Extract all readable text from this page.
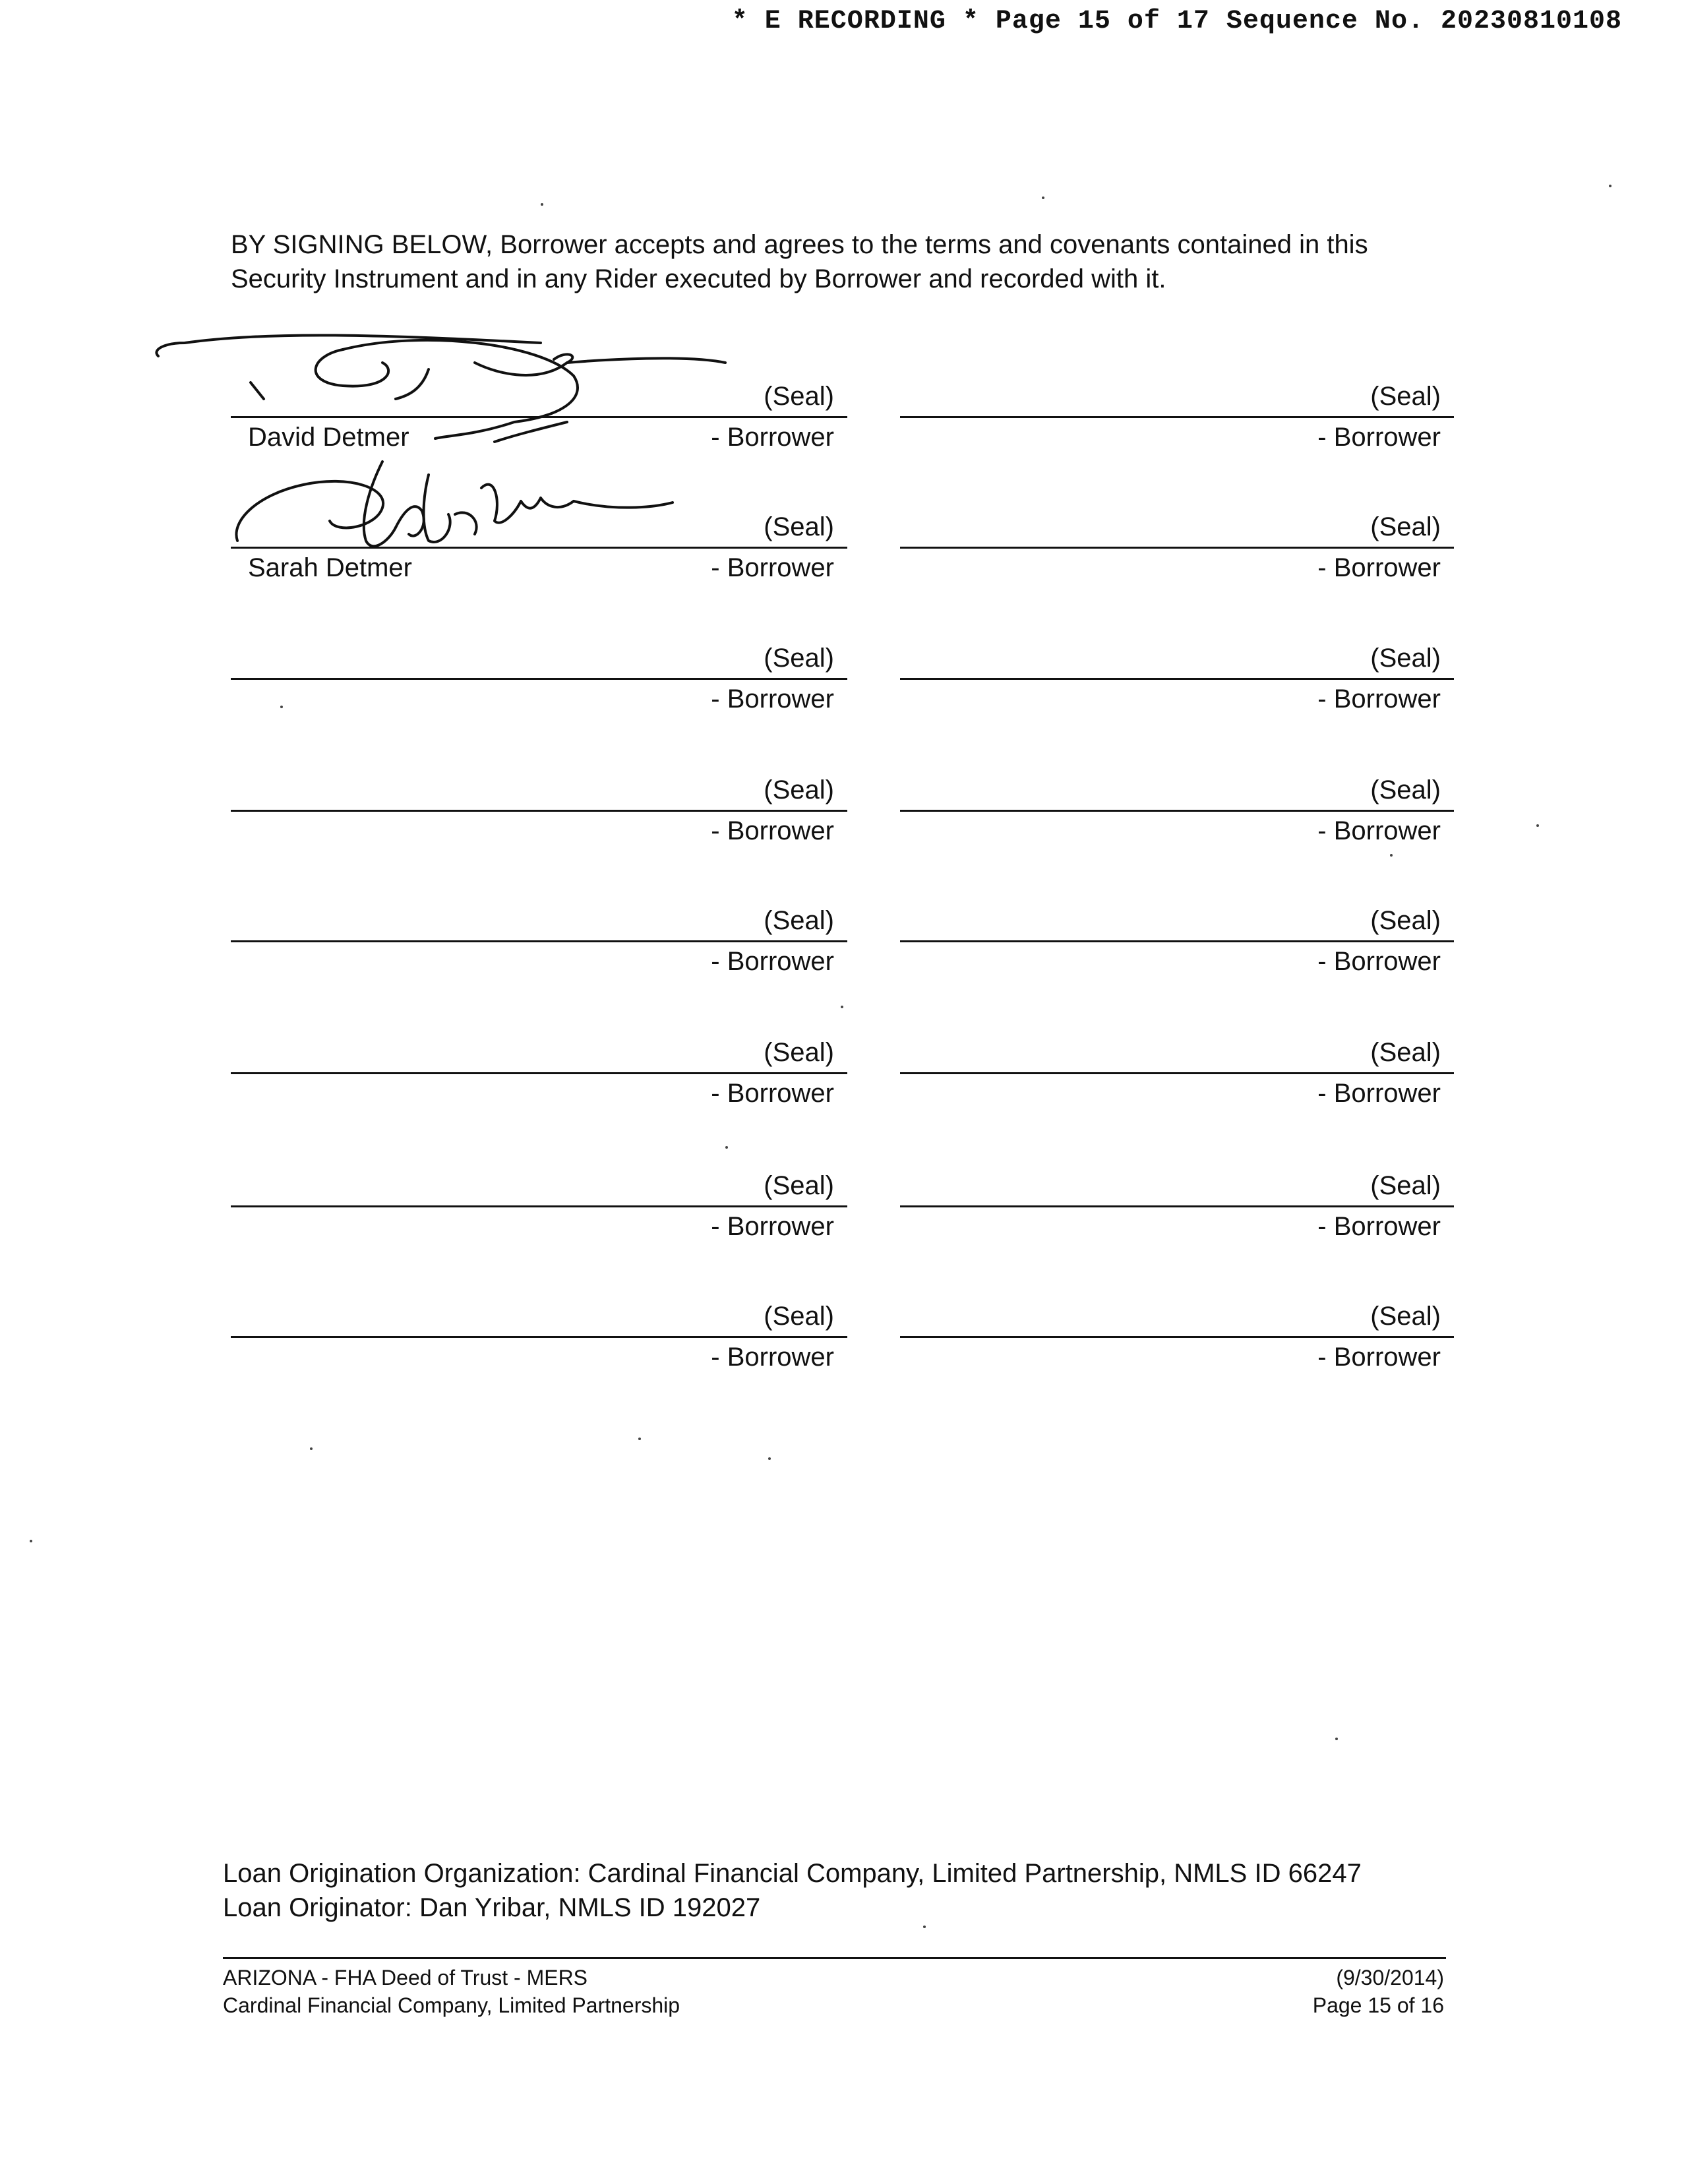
* E RECORDING * Page 15 of 17 Sequence No. 20230810108
BY SIGNING BELOW, Borrower accepts and agrees to the terms and covenants contained in this Security Instrument and in any Rider executed by Borrower and recorded with it.
(Seal)
David Detmer	- Borrower
(Seal)
- Borrower
(Seal)
Sarah Detmer	- Borrower
(Seal)
- Borrower
(Seal)
- Borrower
(Seal)
- Borrower
(Seal)
- Borrower
(Seal)
- Borrower
(Seal)
- Borrower
(Seal)
- Borrower
(Seal)
- Borrower
(Seal)
- Borrower
(Seal)
- Borrower
(Seal)
- Borrower
(Seal)
- Borrower
(Seal)
- Borrower
Loan Origination Organization: Cardinal Financial Company, Limited Partnership, NMLS ID 66247
Loan Originator: Dan Yribar, NMLS ID 192027
ARIZONA - FHA Deed of Trust - MERS
Cardinal Financial Company, Limited Partnership
(9/30/2014)
Page 15 of 16
